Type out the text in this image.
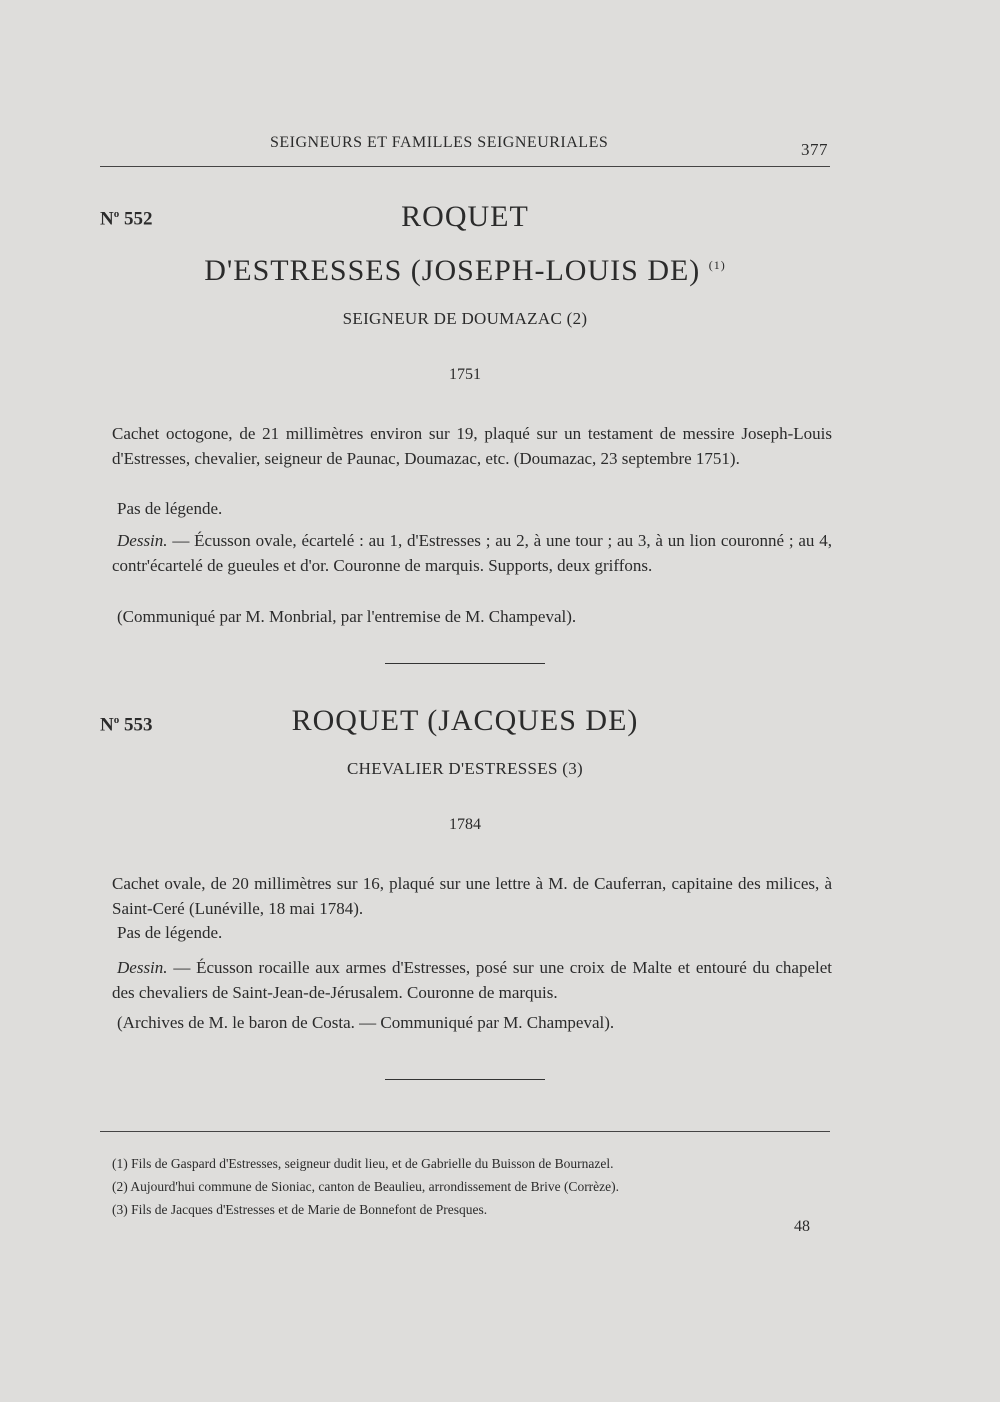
SEIGNEURS ET FAMILLES SEIGNEURIALES	377
$N^o$ 552	ROQUET
D'ESTRESSES (JOSEPH-LOUIS DE) $^{(1)}$
SEIGNEUR DE DOUMAZAC (2)
1751
Cachet octogone, de 21 millimètres environ sur 19, plaqué sur un testament de messire Joseph-Louis d'Estresses, chevalier, seigneur de Paunac, Doumazac, etc. (Doumazac, 23 septembre 1751).
Pas de légende.
Dessin. — Écusson ovale, écartelé : au 1, d'Estresses ; au 2, à une tour ; au 3, à un lion couronné ; au 4, contr'écartelé de gueules et d'or. Couronne de marquis. Supports, deux griffons.
(Communiqué par M. Monbrial, par l'entremise de M. Champeval).
$N^o$ 553	ROQUET (JACQUES DE)
CHEVALIER D'ESTRESSES (3)
1784
Cachet ovale, de 20 millimètres sur 16, plaqué sur une lettre à M. de Cauferran, capitaine des milices, à Saint-Ceré (Lunéville, 18 mai 1784).
Pas de légende.
Dessin. — Écusson rocaille aux armes d'Estresses, posé sur une croix de Malte et entouré du chapelet des chevaliers de Saint-Jean-de-Jérusalem. Couronne de marquis.
(Archives de M. le baron de Costa. — Communiqué par M. Champeval).
(1) Fils de Gaspard d'Estresses, seigneur dudit lieu, et de Gabrielle du Buisson de Bournazel.
(2) Aujourd'hui commune de Sioniac, canton de Beaulieu, arrondissement de Brive (Corrèze).
(3) Fils de Jacques d'Estresses et de Marie de Bonnefont de Presques.
48
